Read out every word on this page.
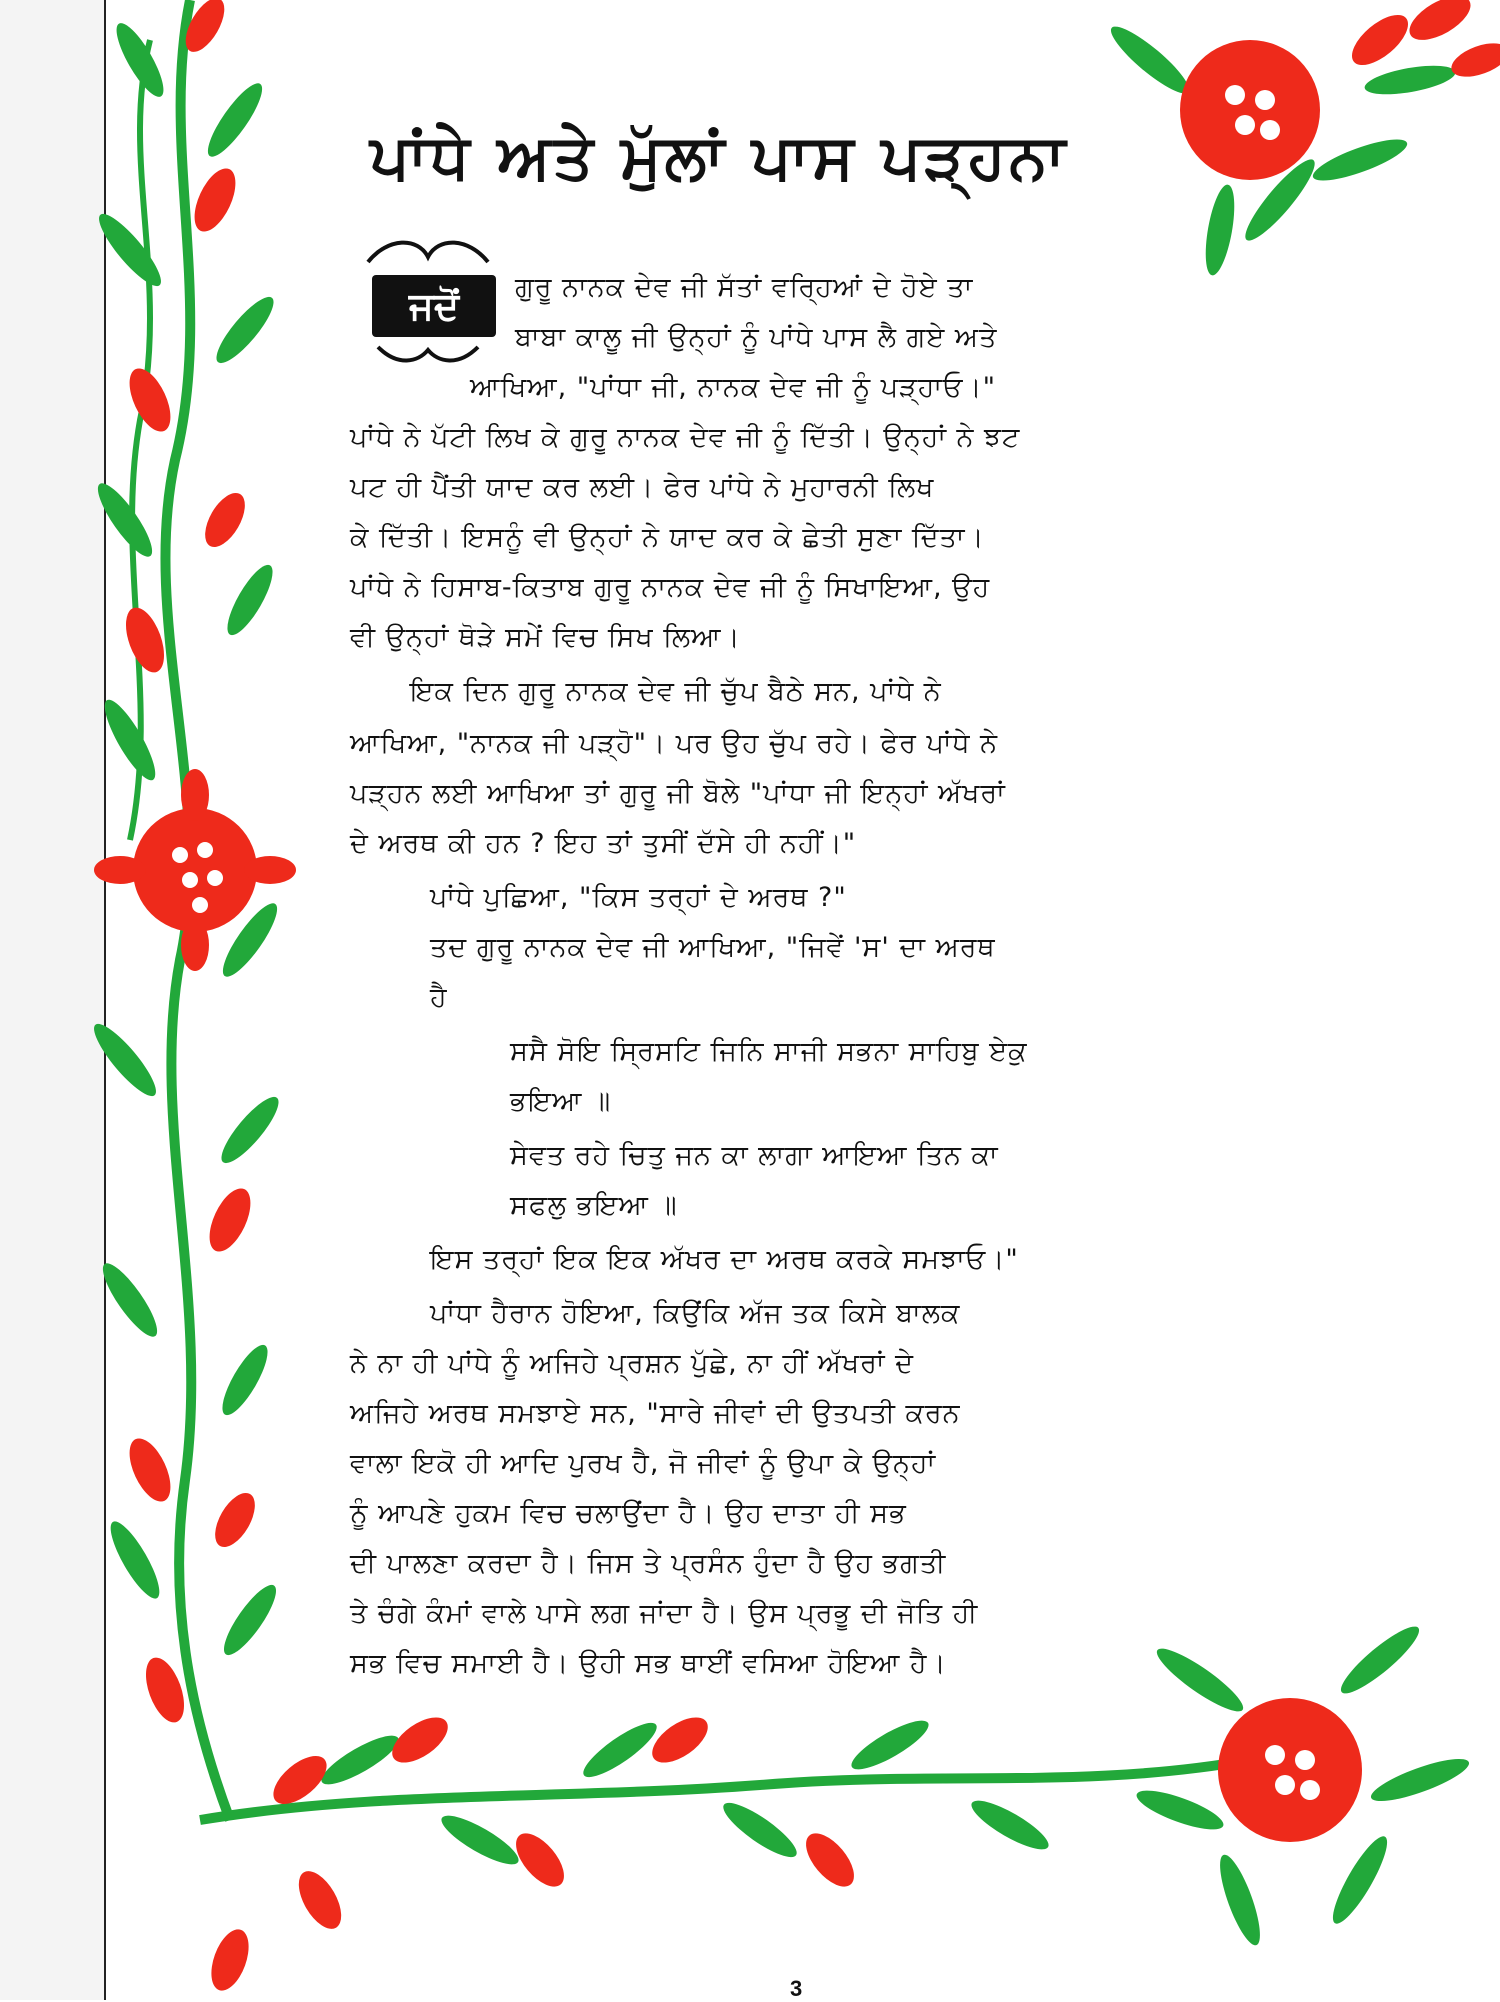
ਪਾਂਧੇ ਅਤੇ ਮੁੱਲਾਂ ਪਾਸ ਪੜ੍ਹਨਾ
ਜਦੋਂ	ਗੁਰੂ ਨਾਨਕ ਦੇਵ ਜੀ ਸੱਤਾਂ ਵਰ੍ਹਿਆਂ ਦੇ ਹੋਏ ਤਾ
ਬਾਬਾ ਕਾਲੂ ਜੀ ਉਨ੍ਹਾਂ ਨੂੰ ਪਾਂਧੇ ਪਾਸ ਲੈ ਗਏ ਅਤੇ
ਆਖਿਆ, "ਪਾਂਧਾ ਜੀ, ਨਾਨਕ ਦੇਵ ਜੀ ਨੂੰ ਪੜ੍ਹਾਓ।"
ਪਾਂਧੇ ਨੇ ਪੱਟੀ ਲਿਖ ਕੇ ਗੁਰੂ ਨਾਨਕ ਦੇਵ ਜੀ ਨੂੰ ਦਿੱਤੀ। ਉਨ੍ਹਾਂ ਨੇ ਝਟ
ਪਟ ਹੀ ਪੈਂਤੀ ਯਾਦ ਕਰ ਲਈ। ਫੇਰ ਪਾਂਧੇ ਨੇ ਮੁਹਾਰਨੀ ਲਿਖ
ਕੇ ਦਿੱਤੀ। ਇਸਨੂੰ ਵੀ ਉਨ੍ਹਾਂ ਨੇ ਯਾਦ ਕਰ ਕੇ ਛੇਤੀ ਸੁਣਾ ਦਿੱਤਾ।
ਪਾਂਧੇ ਨੇ ਹਿਸਾਬ-ਕਿਤਾਬ ਗੁਰੂ ਨਾਨਕ ਦੇਵ ਜੀ ਨੂੰ ਸਿਖਾਇਆ, ਉਹ
ਵੀ ਉਨ੍ਹਾਂ ਥੋੜੇ ਸਮੇਂ ਵਿਚ ਸਿਖ ਲਿਆ।
ਇਕ ਦਿਨ ਗੁਰੂ ਨਾਨਕ ਦੇਵ ਜੀ ਚੁੱਪ ਬੈਠੇ ਸਨ, ਪਾਂਧੇ ਨੇ
ਆਖਿਆ, "ਨਾਨਕ ਜੀ ਪੜ੍ਹੋ"। ਪਰ ਉਹ ਚੁੱਪ ਰਹੇ। ਫੇਰ ਪਾਂਧੇ ਨੇ
ਪੜ੍ਹਨ ਲਈ ਆਖਿਆ ਤਾਂ ਗੁਰੂ ਜੀ ਬੋਲੇ "ਪਾਂਧਾ ਜੀ ਇਨ੍ਹਾਂ ਅੱਖਰਾਂ
ਦੇ ਅਰਥ ਕੀ ਹਨ ? ਇਹ ਤਾਂ ਤੁਸੀਂ ਦੱਸੇ ਹੀ ਨਹੀਂ।"
ਪਾਂਧੇ ਪੁਛਿਆ, "ਕਿਸ ਤਰ੍ਹਾਂ ਦੇ ਅਰਥ ?"
ਤਦ ਗੁਰੂ ਨਾਨਕ ਦੇਵ ਜੀ ਆਖਿਆ, "ਜਿਵੇਂ 'ਸ' ਦਾ ਅਰਥ
ਹੈ
ਸਸੈ ਸੋਇ ਸ੍ਰਿਸਟਿ ਜਿਨਿ ਸਾਜੀ ਸਭਨਾ ਸਾਹਿਬੁ ਏਕੁ
ਭਇਆ ॥
ਸੇਵਤ ਰਹੇ ਚਿਤੁ ਜਨ ਕਾ ਲਾਗਾ ਆਇਆ ਤਿਨ ਕਾ
ਸਫਲੁ ਭਇਆ ॥
ਇਸ ਤਰ੍ਹਾਂ ਇਕ ਇਕ ਅੱਖਰ ਦਾ ਅਰਥ ਕਰਕੇ ਸਮਝਾਓ।"
ਪਾਂਧਾ ਹੈਰਾਨ ਹੋਇਆ, ਕਿਉਂਕਿ ਅੱਜ ਤਕ ਕਿਸੇ ਬਾਲਕ
ਨੇ ਨਾ ਹੀ ਪਾਂਧੇ ਨੂੰ ਅਜਿਹੇ ਪ੍ਰਸ਼ਨ ਪੁੱਛੇ, ਨਾ ਹੀਂ ਅੱਖਰਾਂ ਦੇ
ਅਜਿਹੇ ਅਰਥ ਸਮਝਾਏ ਸਨ, "ਸਾਰੇ ਜੀਵਾਂ ਦੀ ਉਤਪਤੀ ਕਰਨ
ਵਾਲਾ ਇਕੋ ਹੀ ਆਦਿ ਪੁਰਖ ਹੈ, ਜੋ ਜੀਵਾਂ ਨੂੰ ਉਪਾ ਕੇ ਉਨ੍ਹਾਂ
ਨੂੰ ਆਪਣੇ ਹੁਕਮ ਵਿਚ ਚਲਾਉਂਦਾ ਹੈ। ਉਹ ਦਾਤਾ ਹੀ ਸਭ
ਦੀ ਪਾਲਣਾ ਕਰਦਾ ਹੈ। ਜਿਸ ਤੇ ਪ੍ਰਸੰਨ ਹੁੰਦਾ ਹੈ ਉਹ ਭਗਤੀ
ਤੇ ਚੰਗੇ ਕੰਮਾਂ ਵਾਲੇ ਪਾਸੇ ਲਗ ਜਾਂਦਾ ਹੈ। ਉਸ ਪ੍ਰਭੂ ਦੀ ਜੋਤਿ ਹੀ
ਸਭ ਵਿਚ ਸਮਾਈ ਹੈ। ਉਹੀ ਸਭ ਥਾਈਂ ਵਸਿਆ ਹੋਇਆ ਹੈ।
3
